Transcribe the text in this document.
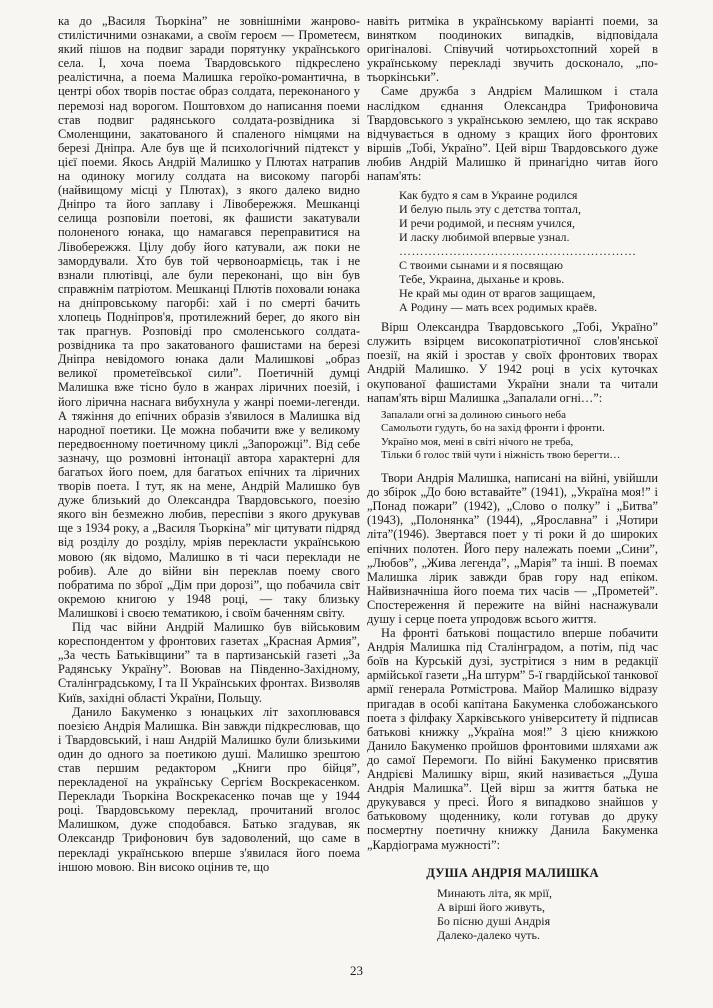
ка до „Василя Тьоркіна” не зовнішніми жанрово-стилістичними ознаками, а своїм героєм — Прометеєм, який пішов на подвиг заради порятунку українського села. І, хоча поема Твардовського підкреслено реалістична, а поема Малишка героїко-романтична, в центрі обох творів постає образ солдата, переконаного у перемозі над ворогом. Поштовхом до написання поеми став подвиг радянського солдата-розвідника зі Смоленщини, закатованого й спаленого німцями на березі Дніпра. Але був ще й психологічний підтекст у цієї поеми. Якось Андрій Малишко у Плютах натрапив на одиноку могилу солдата на високому пагорбі (найвищому місці у Плютах), з якого далеко видно Дніпро та його заплаву і Лівобережжя. Мешканці селища розповіли поетові, як фашисти закатували полоненого юнака, що намагався переправитися на Лівобережжя. Цілу добу його катували, аж поки не замордували. Хто був той червоноармієць, так і не взнали плютівці, але були переконані, що він був справжнім патріотом. Мешканці Плютів поховали юнака на дніпровському пагорбі: хай і по смерті бачить хлопець Подніпров'я, протилежний берег, до якого він так прагнув. Розповіді про смоленського солдата-розвідника та про закатованого фашистами на березі Дніпра невідомого юнака дали Малишкові „образ великої прометеївської сили”. Поетичній думці Малишка вже тісно було в жанрах ліричних поезій, і його лірична наснага вибухнула у жанрі поеми-легенди. А тяжіння до епічних образів з'явилося в Малишка від народної поетики. Це можна побачити вже у великому передвоєнному поетичному циклі „Запорожці”. Від себе зазначу, що розмовні інтонації автора характерні для багатьох його поем, для багатьох епічних та ліричних творів поета. І тут, як на мене, Андрій Малишко був дуже близький до Олександра Твардовського, поезію якого він безмежно любив, переспіви з якого друкував ще з 1934 року, а „Василя Тьоркіна” міг цитувати підряд від розділу до розділу, мріяв перекласти українською мовою (як відомо, Малишко в ті часи переклади не робив). Але до війни він переклав поему свого побратима по зброї „Дім при дорозі”, що побачила світ окремою книгою у 1948 році, — таку близьку Малишкові і своєю тематикою, і своїм баченням світу.

Під час війни Андрій Малишко був військовим кореспондентом у фронтових газетах „Красная Армия”, „За честь Батьківщини” та в партизанській газеті „За Радянську Україну”. Воював на Південно-Західному, Сталінградському, І та ІІ Українських фронтах. Визволяв Київ, західні області України, Польщу.

Данило Бакуменко з юнацьких літ захоплювався поезією Андрія Малишка. Він завжди підкреслював, що і Твардовський, і наш Андрій Малишко були близькими один до одного за поетикою душі. Малишко зрештою став першим редактором „Книги про бійця”, перекладеної на українську Сергієм Воскрекасенком. Переклади Тьоркіна Воскрекасенко почав ще у 1944 році. Твардовському переклад, прочитаний вголос Малишком, дуже сподобався. Батько згадував, як Олександр Трифонович був задоволений, що саме в перекладі українською вперше з'явилася його поема іншою мовою. Він високо оцінив те, що

навіть ритміка в українському варіанті поеми, за винятком поодиноких випадків, відповідала оригіналові. Співучий чотирьохстопний хорей в українському перекладі звучить досконало, „по-тьоркінськи”.

Саме дружба з Андрієм Малишком і стала наслідком єднання Олександра Трифоновича Твардовського з українською землею, що так яскраво відчувається в одному з кращих його фронтових віршів „Тобі, Україно”. Цей вірш Твардовського дуже любив Андрій Малишко й принагідно читав його напам'ять:

Как будто я сам в Украине родился
И белую пыль эту с детства топтал,
И речи родимой, и песням учился,
И ласку любимой впервые узнал.
…………………………………………………
С твоими сынами и я посвящаю
Тебе, Украина, дыханье и кровь.
Не край мы один от врагов защищаем,
А Родину — мать всех родимых краёв.

Вірш Олександра Твардовського „Тобі, Україно” служить взірцем високопатріотичної слов'янської поезії, на якій і зростав у своїх фронтових творах Андрій Малишко. У 1942 році в усіх куточках окупованої фашистами України знали та читали напам'ять вірш Малишка „Запалали огні…”:

Запалали огні за долиною синього неба
Самольоти гудуть, бо на захід фронти і фронти.
Україно моя, мені в світі нічого не треба,
Тільки б голос твій чути і ніжність твою берегти…

Твори Андрія Малишка, написані на війні, увійшли до збірок „До бою вставайте” (1941), „Україна моя!” і „Понад пожари” (1942), „Слово о полку” і „Битва” (1943), „Полонянка” (1944), „Ярославна” і „Чотири літа”(1946). Звертався поет у ті роки й до широких епічних полотен. Його перу належать поеми „Сини”, „Любов”, „Жива легенда”, „Марія” та інші. В поемах Малишка лірик завжди брав гору над епіком. Найвизначніша його поема тих часів — „Прометей”. Спостереження й пережите на війні наснажували душу і серце поета упродовж всього життя.

На фронті батькові пощастило вперше побачити Андрія Малишка під Сталінградом, а потім, під час боїв на Курській дузі, зустрітися з ним в редакції армійської газети „На штурм” 5-ї гвардійської танкової армії генерала Ротмістрова. Майор Малишко відразу пригадав в особі капітана Бакуменка слобожанського поета з філфаку Харківського університету й підписав батькові книжку „Україна моя!” З цією книжкою Данило Бакуменко пройшов фронтовими шляхами аж до самої Перемоги. По війні Бакуменко присвятив Андрієві Малишку вірш, який називається „Душа Андрія Малишка”. Цей вірш за життя батька не друкувався у пресі. Його я випадково знайшов у батьковому щоденнику, коли готував до друку посмертну поетичну книжку Данила Бакуменка „Кардіограма мужності”:

ДУША АНДРІЯ МАЛИШКА
Минають літа, як мрії,
А вірші його живуть,
Бо пісню душі Андрія
Далеко-далеко чуть.
23
